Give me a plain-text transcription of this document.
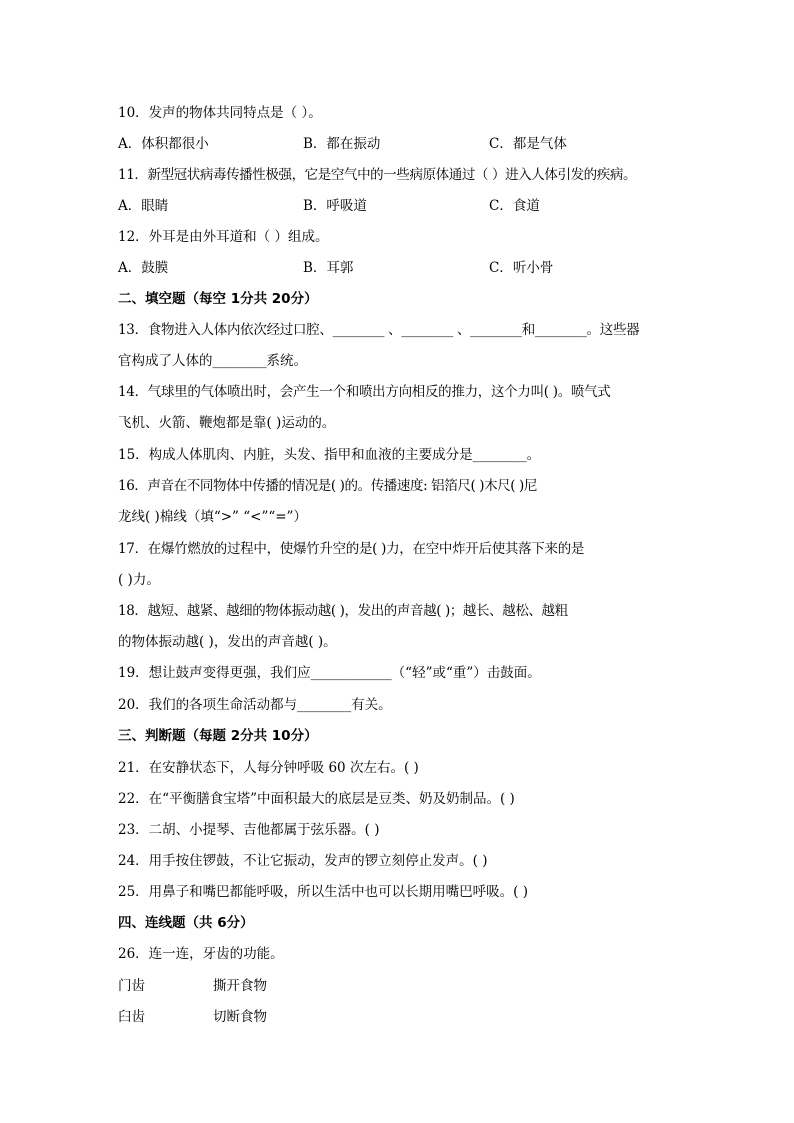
10．发声的物体共同特点是（ ）。
A．体积都很小	B．都在振动	C．都是气体
11．新型冠状病毒传播性极强，它是空气中的一些病原体通过（ ）进入人体引发的疾病。
A．眼睛	B．呼吸道	C．食道
12．外耳是由外耳道和（ ）组成。
A．鼓膜	B．耳郭	C．听小骨
二、填空题（每空 1分共 20分）
13．食物进入人体内依次经过口腔、________ 、________ 、________和________。这些器
官构成了人体的________系统。
14．气球里的气体喷出时，会产生一个和喷出方向相反的推力，这个力叫( )。喷气式
飞机、火箭、鞭炮都是靠( )运动的。
15．构成人体肌肉、内脏，头发、指甲和血液的主要成分是________。
16．声音在不同物体中传播的情况是( )的。传播速度: 铝箔尺( )木尺( )尼
龙线( )棉线（填“>” “<”“=”）
17．在爆竹燃放的过程中，使爆竹升空的是( )力，在空中炸开后使其落下来的是
( )力。
18．越短、越紧、越细的物体振动越( )，发出的声音越( )；越长、越松、越粗
的物体振动越( )，发出的声音越( )。
19．想让鼓声变得更强，我们应____________（“轻”或“重”）击鼓面。
20．我们的各项生命活动都与________有关。
三、判断题（每题 2分共 10分）
21．在安静状态下，人每分钟呼吸 60 次左右。( )
22．在“平衡膳食宝塔”中面积最大的底层是豆类、奶及奶制品。( )
23．二胡、小提琴、吉他都属于弦乐器。( )
24．用手按住锣鼓，不让它振动，发声的锣立刻停止发声。( )
25．用鼻子和嘴巴都能呼吸，所以生活中也可以长期用嘴巴呼吸。( )
四、连线题（共 6分）
26．连一连，牙齿的功能。
门齿	撕开食物
臼齿	切断食物
